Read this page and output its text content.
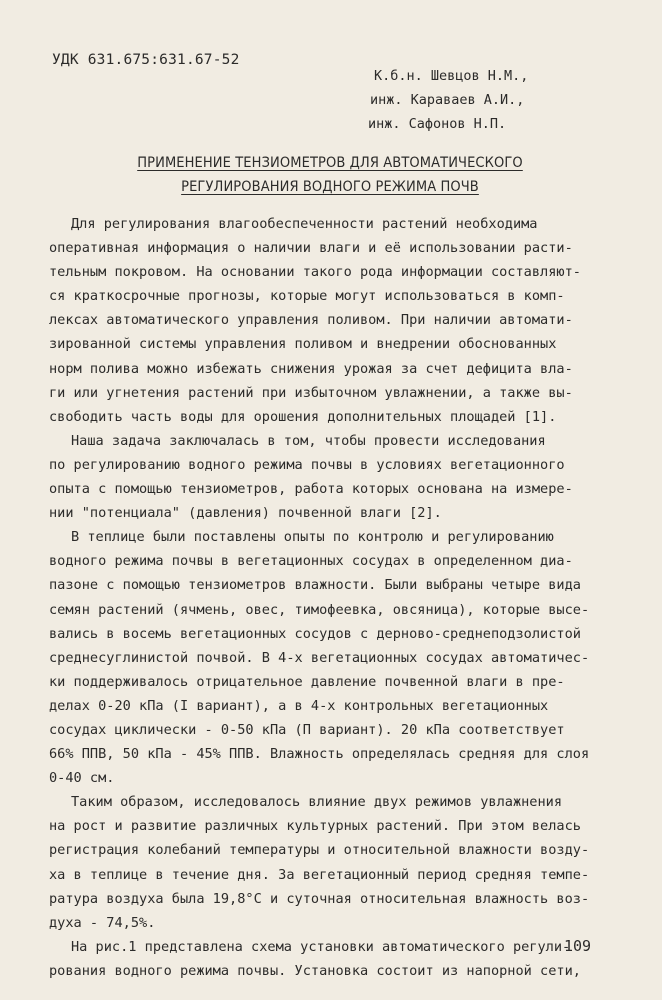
УДК 631.675:631.67-52
К.б.н. Шевцов Н.М.,
инж. Караваев А.И.,
инж. Сафонов Н.П.
ПРИМЕНЕНИЕ ТЕНЗИОМЕТРОВ ДЛЯ АВТОМАТИЧЕСКОГО
РЕГУЛИРОВАНИЯ ВОДНОГО РЕЖИМА ПОЧВ
Для регулирования влагообеспеченности растений необходима
оперативная информация о наличии влаги и её использовании расти-
тельным покровом. На основании такого рода информации составляют-
ся краткосрочные прогнозы, которые могут использоваться в комп-
лексах автоматического управления поливом. При наличии автомати-
зированной системы управления поливом и внедрении обоснованных
норм полива можно избежать снижения урожая за счет дефицита вла-
ги или угнетения растений при избыточном увлажнении, а также вы-
свободить часть воды для орошения дополнительных площадей [1].
Наша задача заключалась в том, чтобы провести исследования
по регулированию водного режима почвы в условиях вегетационного
опыта с помощью тензиометров, работа которых основана на измере-
нии "потенциала" (давления) почвенной влаги [2].
В теплице были поставлены опыты по контролю и регулированию
водного режима почвы в вегетационных сосудах в определенном диа-
пазоне с помощью тензиометров влажности. Были выбраны четыре вида
семян растений (ячмень, овес, тимофеевка, овсяница), которые высе-
вались в восемь вегетационных сосудов с дерново-среднеподзолистой
среднесуглинистой почвой. В 4-х вегетационных сосудах автоматичес-
ки поддерживалось отрицательное давление почвенной влаги в пре-
делах 0-20 кПа (I вариант), а в 4-х контрольных вегетационных
сосудах циклически - 0-50 кПа (П вариант). 20 кПа соответствует
66% ППВ, 50 кПа - 45% ППВ. Влажность определялась средняя для слоя
0-40 см.
Таким образом, исследовалось влияние двух режимов увлажнения
на рост и развитие различных культурных растений. При этом велась
регистрация колебаний температуры и относительной влажности возду-
ха в теплице в течение дня. За вегетационный период средняя темпе-
ратура воздуха была 19,8°С и суточная относительная влажность воз-
духа - 74,5%.
На рис.1 представлена схема установки автоматического регули-
рования водного режима почвы. Установка состоит из напорной сети,
109
